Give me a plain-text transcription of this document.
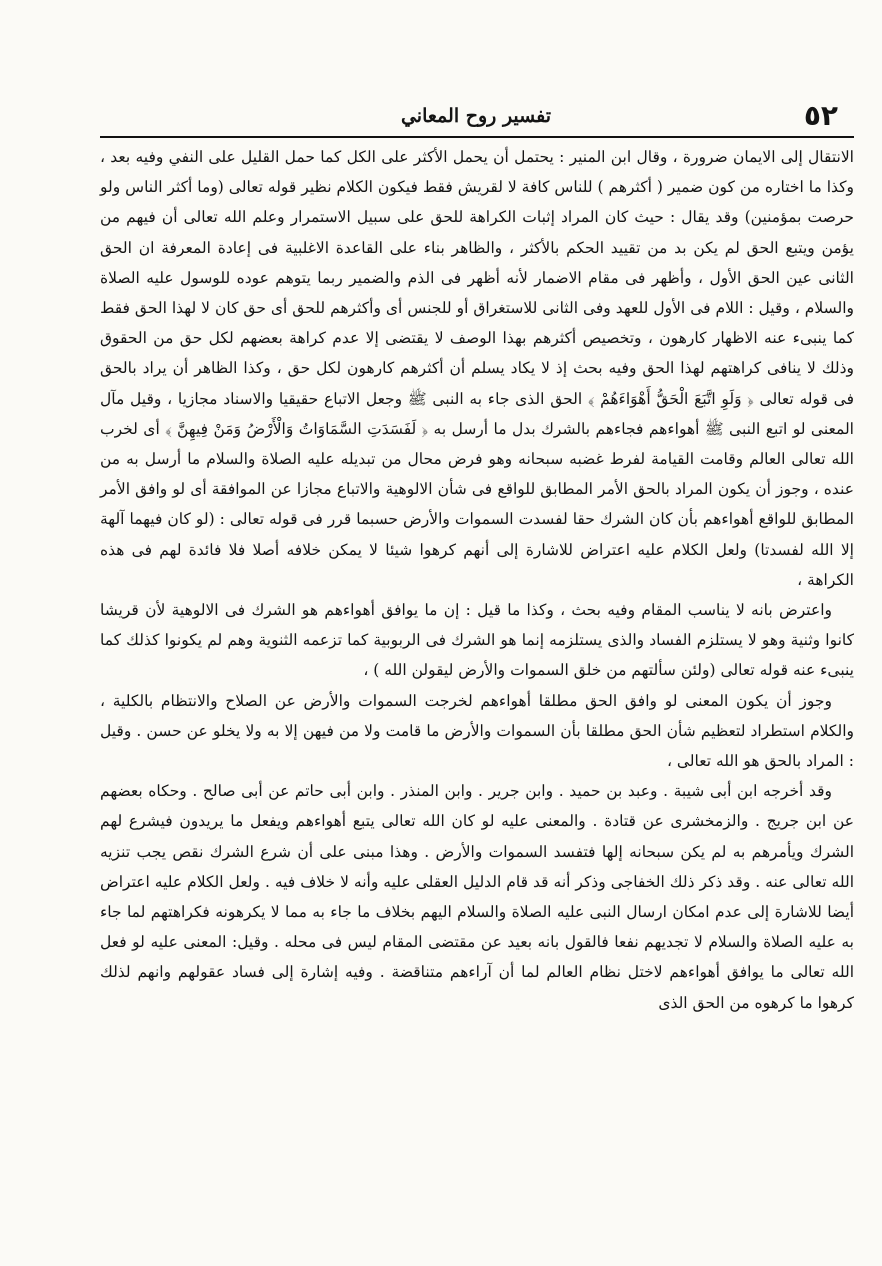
٥٢
تفسير روح المعاني

الانتقال إلى الايمان ضرورة ، وقال ابن المنير : يحتمل أن يحمل الأكثر على الكل كما حمل القليل على النفي وفيه بعد ، وكذا ما اختاره من كون ضمير ( أكثرهم ) للناس كافة لا لقريش فقط فيكون الكلام نظير قوله تعالى (وما أكثر الناس ولو حرصت بمؤمنين) وقد يقال : حيث كان المراد إثبات الكراهة للحق على سبيل الاستمرار وعلم الله تعالى أن فيهم من يؤمن ويتبع الحق لم يكن بد من تقييد الحكم بالأكثر ، والظاهر بناء على القاعدة الاغلبية فى إعادة المعرفة ان الحق الثانى عين الحق الأول ، وأظهر فى مقام الاضمار لأنه أظهر فى الذم والضمير ربما يتوهم عوده للوسول عليه الصلاة والسلام ، وقيل : اللام فى الأول للعهد وفى الثانى للاستغراق أو للجنس أى وأكثرهم للحق أى حق كان لا لهذا الحق فقط كما ينبىء عنه الاظهار كارهون ، وتخصيص أكثرهم بهذا الوصف لا يقتضى إلا عدم كراهة بعضهم لكل حق من الحقوق وذلك لا ينافى كراهتهم لهذا الحق وفيه بحث إذ لا يكاد يسلم أن أكثرهم كارهون لكل حق ، وكذا الظاهر أن يراد بالحق فى قوله تعالى ﴿ وَلَوِ اتَّبَعَ الْحَقُّ أَهْوَاءَهُمْ ﴾ الحق الذى جاء به النبى ﷺ وجعل الاتباع حقيقيا والاسناد مجازيا ، وقيل مآل المعنى لو اتبع النبى ﷺ أهواءهم فجاءهم بالشرك بدل ما أرسل به ﴿ لَفَسَدَتِ السَّمَاوَاتُ وَالْأَرْضُ وَمَنْ فِيهِنَّ ﴾ أى لخرب الله تعالى العالم وقامت القيامة لفرط غضبه سبحانه وهو فرض محال من تبديله عليه الصلاة والسلام ما أرسل به من عنده ، وجوز أن يكون المراد بالحق الأمر المطابق للواقع فى شأن الالوهية والاتباع مجازا عن الموافقة أى لو وافق الأمر المطابق للواقع أهواءهم بأن كان الشرك حقا لفسدت السموات والأرض حسبما قرر فى قوله تعالى : (لو كان فيهما آلهة إلا الله لفسدتا) ولعل الكلام عليه اعتراض للاشارة إلى أنهم كرهوا شيئا لا يمكن خلافه أصلا فلا فائدة لهم فى هذه الكراهة ،

واعترض بانه لا يناسب المقام وفيه بحث ، وكذا ما قيل : إن ما يوافق أهواءهم هو الشرك فى الالوهية لأن قريشا كانوا وثنية وهو لا يستلزم الفساد والذى يستلزمه إنما هو الشرك فى الربوبية كما تزعمه الثنوية وهم لم يكونوا كذلك كما ينبىء عنه قوله تعالى (ولئن سألتهم من خلق السموات والأرض ليقولن الله ) ،

وجوز أن يكون المعنى لو وافق الحق مطلقا أهواءهم لخرجت السموات والأرض عن الصلاح والانتظام بالكلية ، والكلام استطراد لتعظيم شأن الحق مطلقا بأن السموات والأرض ما قامت ولا من فيهن إلا به ولا يخلو عن حسن . وقيل : المراد بالحق هو الله تعالى ،

وقد أخرجه ابن أبى شيبة . وعبد بن حميد . وابن جرير . وابن المنذر . وابن أبى حاتم عن أبى صالح . وحكاه بعضهم عن ابن جريج . والزمخشرى عن قتادة . والمعنى عليه لو كان الله تعالى يتبع أهواءهم ويفعل ما يريدون فيشرع لهم الشرك ويأمرهم به لم يكن سبحانه إلها فتفسد السموات والأرض . وهذا مبنى على أن شرع الشرك نقص يجب تنزيه الله تعالى عنه . وقد ذكر ذلك الخفاجى وذكر أنه قد قام الدليل العقلى عليه وأنه لا خلاف فيه . ولعل الكلام عليه اعتراض أيضا للاشارة إلى عدم امكان ارسال النبى عليه الصلاة والسلام اليهم بخلاف ما جاء به مما لا يكرهونه فكراهتهم لما جاء به عليه الصلاة والسلام لا تجديهم نفعا فالقول بانه بعيد عن مقتضى المقام ليس فى محله . وقيل: المعنى عليه لو فعل الله تعالى ما يوافق أهواءهم لاختل نظام العالم لما أن آراءهم متناقضة . وفيه إشارة إلى فساد عقولهم وانهم لذلك كرهوا ما كرهوه من الحق الذى
